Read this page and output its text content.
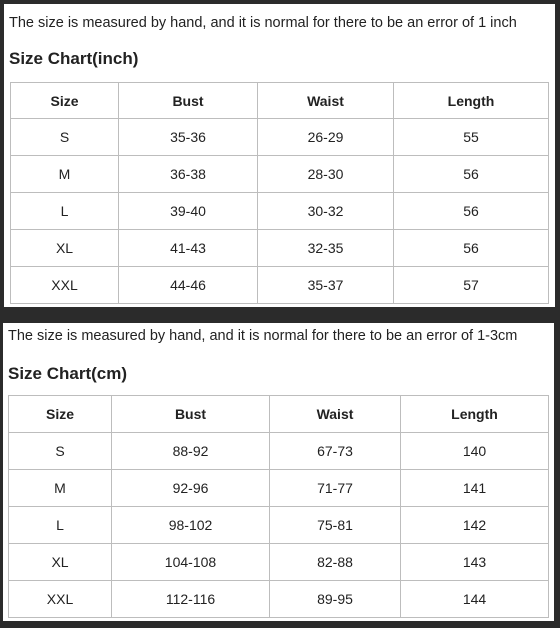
The size is measured by hand, and it is normal for there to be an error of 1 inch
Size Chart(inch)
Size	Bust	Waist	Length
S	35-36	26-29	55
M	36-38	28-30	56
L	39-40	30-32	56
XL	41-43	32-35	56
XXL	44-46	35-37	57
The size is measured by hand, and it is normal for there to be an error of 1-3cm
Size Chart(cm)
Size	Bust	Waist	Length
S	88-92	67-73	140
M	92-96	71-77	141
L	98-102	75-81	142
XL	104-108	82-88	143
XXL	112-116	89-95	144
